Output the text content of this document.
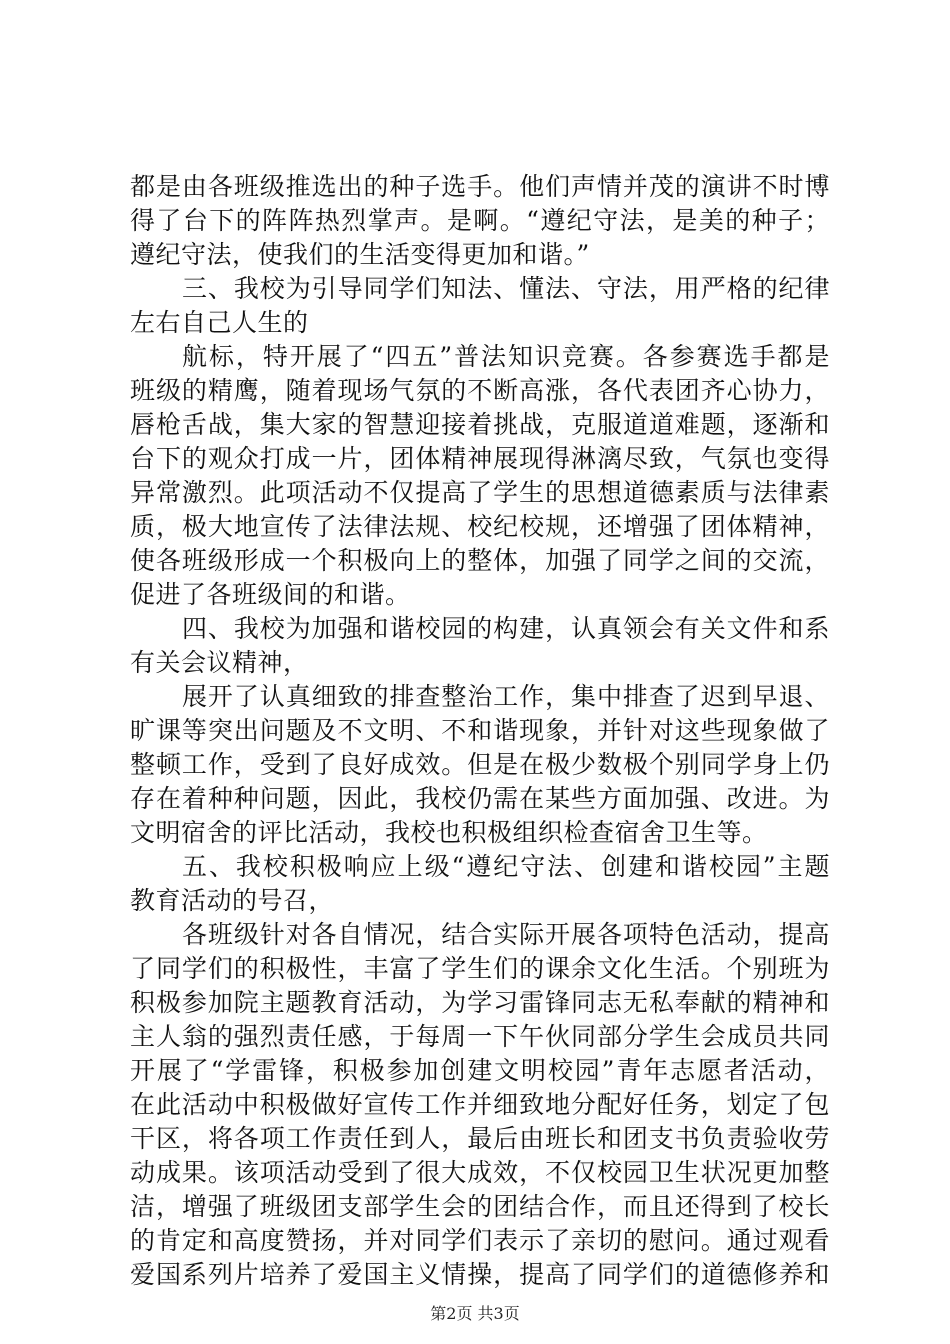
都是由各班级推选出的种子选手。他们声情并茂的演讲不时博
得了台下的阵阵热烈掌声。是啊。“遵纪守法，是美的种子；
遵纪守法，使我们的生活变得更加和谐。”
三、我校为引导同学们知法、懂法、守法，用严格的纪律
左右自己人生的
航标，特开展了“四五”普法知识竞赛。各参赛选手都是
班级的精鹰，随着现场气氛的不断高涨，各代表团齐心协力，
唇枪舌战，集大家的智慧迎接着挑战，克服道道难题，逐渐和
台下的观众打成一片，团体精神展现得淋漓尽致，气氛也变得
异常激烈。此项活动不仅提高了学生的思想道德素质与法律素
质，极大地宣传了法律法规、校纪校规，还增强了团体精神，
使各班级形成一个积极向上的整体，加强了同学之间的交流，
促进了各班级间的和谐。
四、我校为加强和谐校园的构建，认真领会有关文件和系
有关会议精神，
展开了认真细致的排查整治工作，集中排查了迟到早退、
旷课等突出问题及不文明、不和谐现象，并针对这些现象做了
整顿工作，受到了良好成效。但是在极少数极个别同学身上仍
存在着种种问题，因此，我校仍需在某些方面加强、改进。为
文明宿舍的评比活动，我校也积极组织检查宿舍卫生等。
五、我校积极响应上级“遵纪守法、创建和谐校园”主题
教育活动的号召，
各班级针对各自情况，结合实际开展各项特色活动，提高
了同学们的积极性，丰富了学生们的课余文化生活。个别班为
积极参加院主题教育活动，为学习雷锋同志无私奉献的精神和
主人翁的强烈责任感，于每周一下午伙同部分学生会成员共同
开展了“学雷锋，积极参加创建文明校园”青年志愿者活动，
在此活动中积极做好宣传工作并细致地分配好任务，划定了包
干区，将各项工作责任到人，最后由班长和团支书负责验收劳
动成果。该项活动受到了很大成效，不仅校园卫生状况更加整
洁，增强了班级团支部学生会的团结合作，而且还得到了校长
的肯定和高度赞扬，并对同学们表示了亲切的慰问。通过观看
爱国系列片培养了爱国主义情操，提高了同学们的道德修养和
第2页 共3页
